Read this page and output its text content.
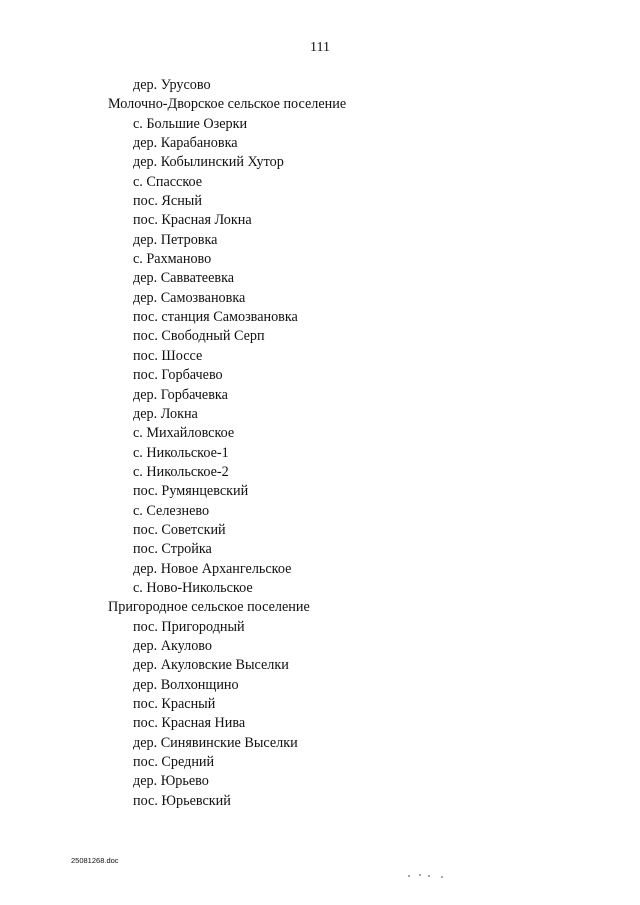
111
дер. Урусово
Молочно-Дворское сельское поселение
с. Большие Озерки
дер. Карабановка
дер. Кобылинский Хутор
с. Спасское
пос. Ясный
пос. Красная Локна
дер. Петровка
с. Рахманово
дер. Савватеевка
дер. Самозвановка
пос. станция Самозвановка
пос. Свободный Серп
пос. Шоссе
пос. Горбачево
дер. Горбачевка
дер. Локна
с. Михайловское
с. Никольское-1
с. Никольское-2
пос. Румянцевский
с. Селезнево
пос. Советский
пос. Стройка
дер. Новое Архангельское
с. Ново-Никольское
Пригородное сельское поселение
пос. Пригородный
дер. Акулово
дер. Акуловские Выселки
дер. Волхонщино
пос. Красный
пос. Красная Нива
дер. Синявинские Выселки
пос. Средний
дер. Юрьево
пос. Юрьевский
25081268.doc
